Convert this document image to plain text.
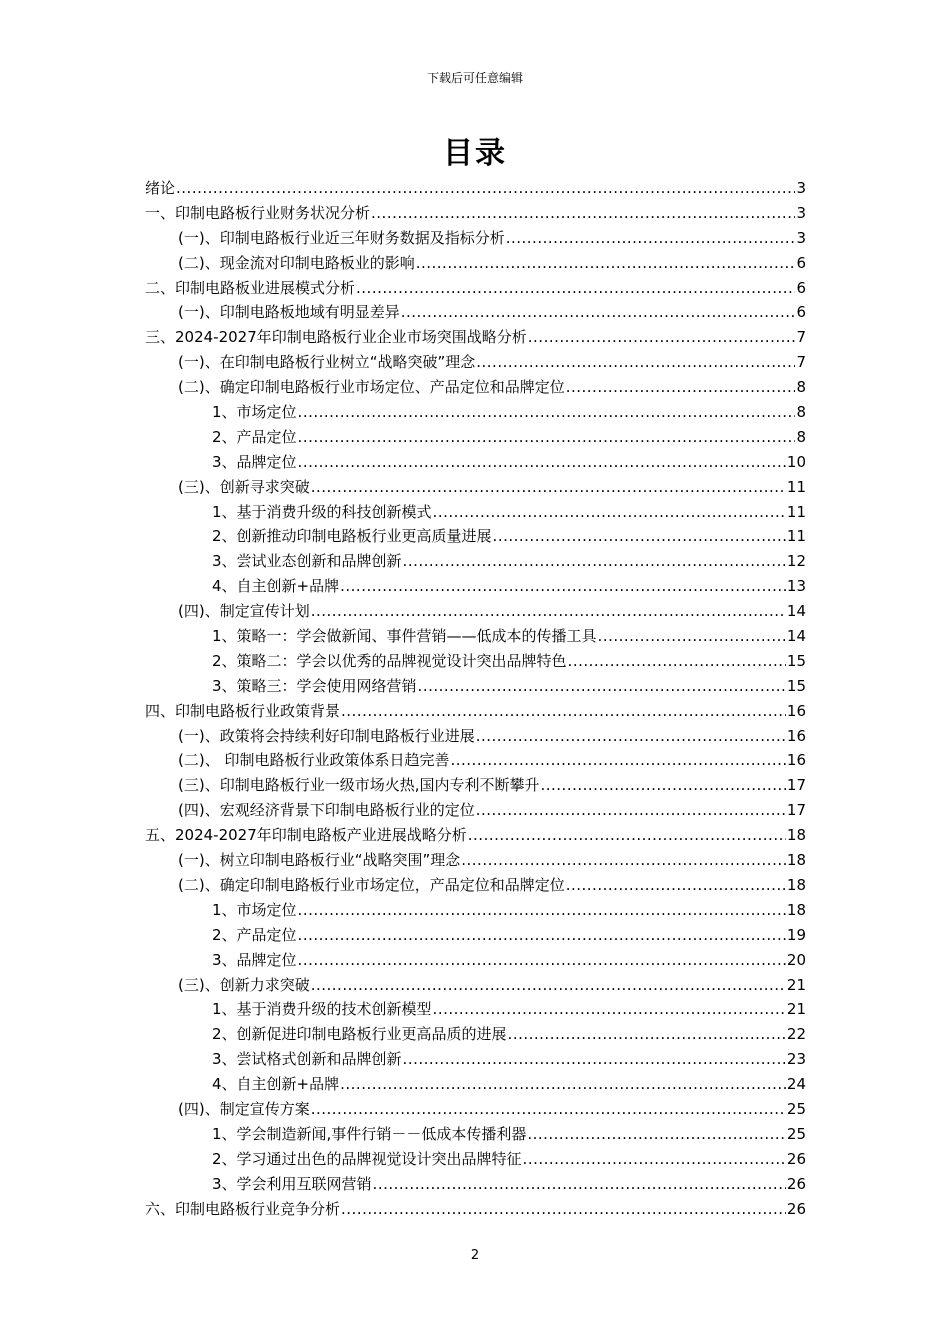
下载后可任意编辑
目录
绪论 .....	3
一、印制电路板行业财务状况分析 .....	3
(一)、印制电路板行业近三年财务数据及指标分析 .....	3
(二)、现金流对印制电路板业的影响 .....	6
二、印制电路板业进展模式分析 .....	6
(一)、印制电路板地域有明显差异 .....	6
三、2024-2027年印制电路板行业企业市场突围战略分析 .....	7
(一)、在印制电路板行业树立“战略突破”理念 .....	7
(二)、确定印制电路板行业市场定位、产品定位和品牌定位 .....	8
1、市场定位 .....	8
2、产品定位 .....	8
3、品牌定位 .....	10
(三)、创新寻求突破 .....	11
1、基于消费升级的科技创新模式 .....	11
2、创新推动印制电路板行业更高质量进展 .....	11
3、尝试业态创新和品牌创新 .....	12
4、自主创新+品牌 .....	13
(四)、制定宣传计划 .....	14
1、策略一：学会做新闻、事件营销——低成本的传播工具 .....	14
2、策略二：学会以优秀的品牌视觉设计突出品牌特色 .....	15
3、策略三：学会使用网络营销 .....	15
四、印制电路板行业政策背景 .....	16
(一)、政策将会持续利好印制电路板行业进展 .....	16
(二)、 印制电路板行业政策体系日趋完善 .....	16
(三)、印制电路板行业一级市场火热,国内专利不断攀升 .....	17
(四)、宏观经济背景下印制电路板行业的定位 .....	17
五、2024-2027年印制电路板产业进展战略分析 .....	18
(一)、树立印制电路板行业“战略突围”理念 .....	18
(二)、确定印制电路板行业市场定位，产品定位和品牌定位 .....	18
1、市场定位 .....	18
2、产品定位 .....	19
3、品牌定位 .....	20
(三)、创新力求突破 .....	21
1、基于消费升级的技术创新模型 .....	21
2、创新促进印制电路板行业更高品质的进展 .....	22
3、尝试格式创新和品牌创新 .....	23
4、自主创新+品牌 .....	24
(四)、制定宣传方案 .....	25
1、学会制造新闻,事件行销－－低成本传播利器 .....	25
2、学习通过出色的品牌视觉设计突出品牌特征 .....	26
3、学会利用互联网营销 .....	26
六、印制电路板行业竞争分析 .....	26
2
